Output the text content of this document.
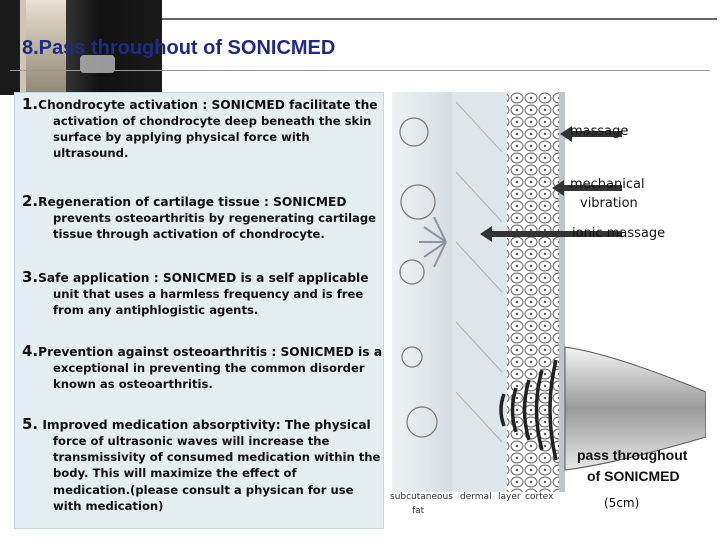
8.Pass throughout of SONICMED
1.Chondrocyte activation : SONICMED facilitate the
activation of chondrocyte deep beneath the skin
surface by applying physical force with
ultrasound.
2.Regeneration of cartilage tissue : SONICMED
prevents osteoarthritis by regenerating cartilage
tissue through activation of chondrocyte.
3.Safe application : SONICMED is a self applicable
unit that uses a harmless frequency and is free
from any antiphlogistic agents.
4.Prevention against osteoarthritis : SONICMED is a
exceptional in preventing the common disorder
known as osteoarthritis.
5. Improved medication absorptivity: The physical
force of ultrasonic waves will increase the
transmissivity of consumed medication within the
body. This will maximize the effect of
medication.(please consult a physican for use
with medication)
massage
mechanical
vibration
ionic massage
pass throughout
of SONICMED
(5cm)
subcutaneous
fat
dermal layer cortex
